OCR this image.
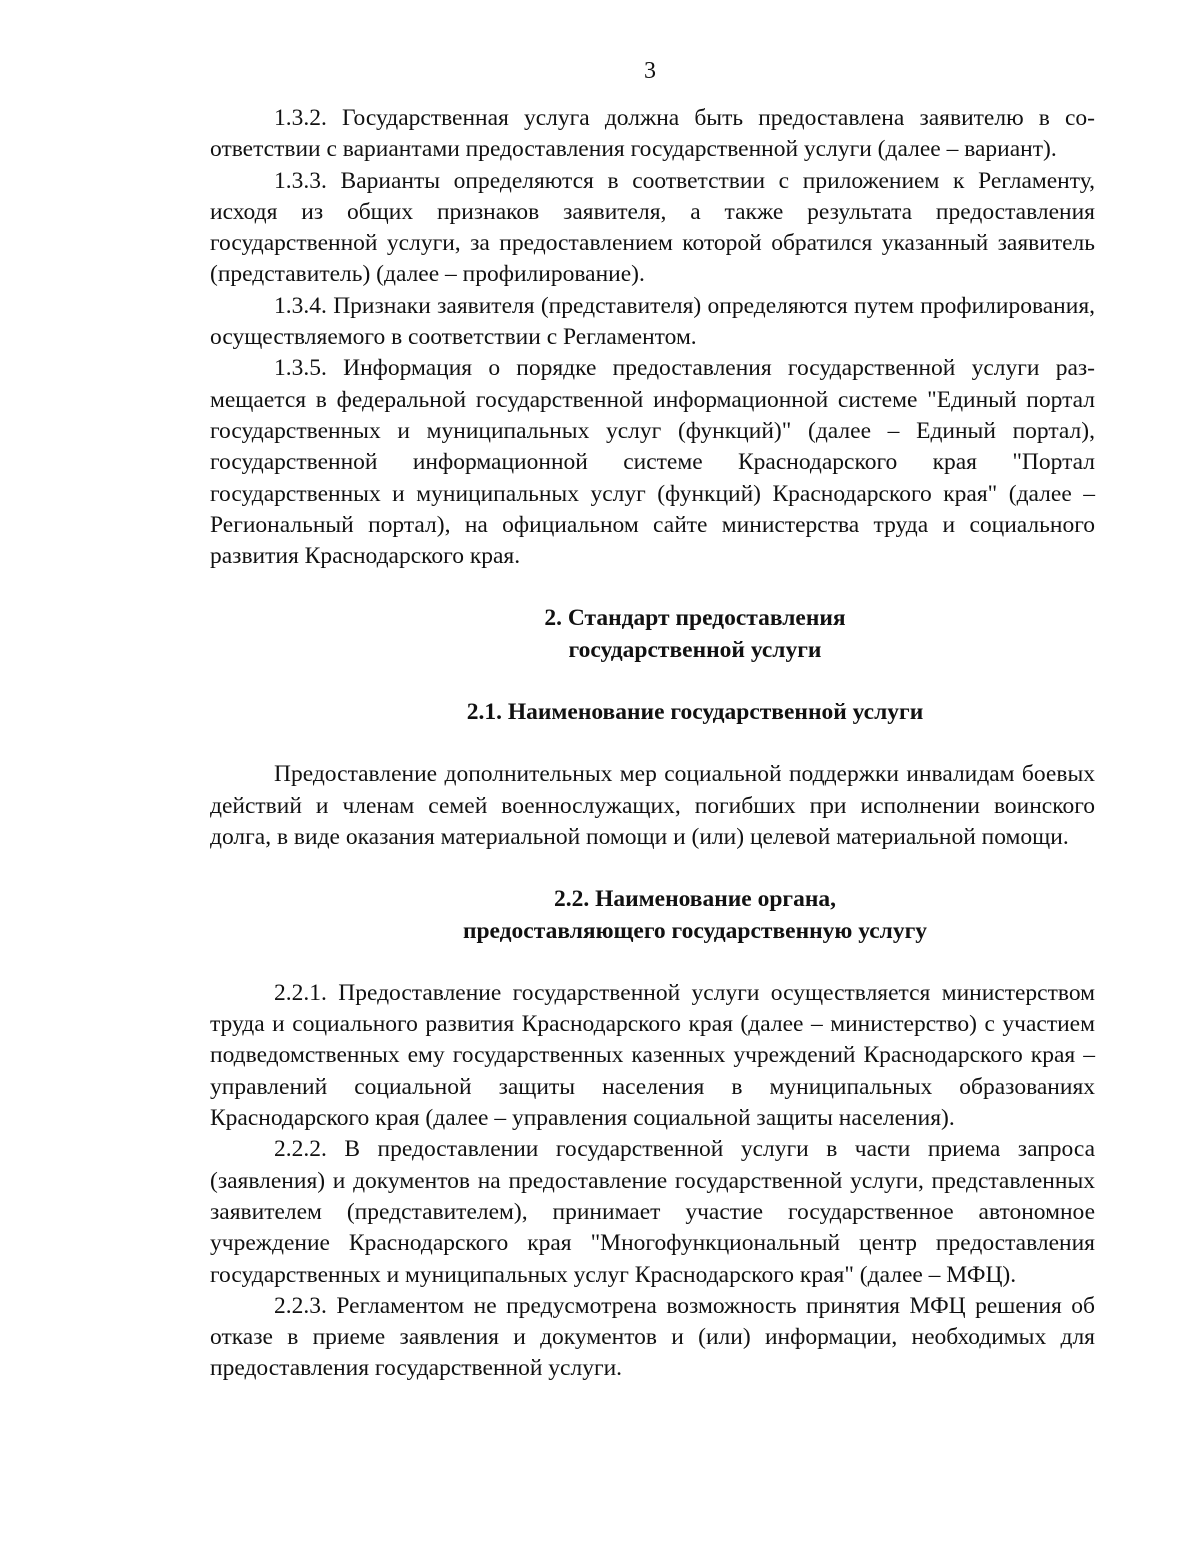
3

1.3.2. Государственная услуга должна быть предоставлена заявителю в соответствии с вариантами предоставления государственной услуги (далее – вариант).

1.3.3. Варианты определяются в соответствии с приложением к Регламенту, исходя из общих признаков заявителя, а также результата предоставления государственной услуги, за предоставлением которой обратился указанный заявитель (представитель) (далее – профилирование).

1.3.4. Признаки заявителя (представителя) определяются путем профилирования, осуществляемого в соответствии с Регламентом.

1.3.5. Информация о порядке предоставления государственной услуги размещается в федеральной государственной информационной системе "Единый портал государственных и муниципальных услуг (функций)" (далее – Единый портал), государственной информационной системе Краснодарского края "Портал государственных и муниципальных услуг (функций) Краснодарского края" (далее – Региональный портал), на официальном сайте министерства труда и социального развития Краснодарского края.

2. Стандарт предоставления
государственной услуги
2.1. Наименование государственной услуги

Предоставление дополнительных мер социальной поддержки инвалидам боевых действий и членам семей военнослужащих, погибших при исполнении воинского долга, в виде оказания материальной помощи и (или) целевой материальной помощи.

2.2. Наименование органа,
предоставляющего государственную услугу

2.2.1. Предоставление государственной услуги осуществляется министерством труда и социального развития Краснодарского края (далее – министерство) с участием подведомственных ему государственных казенных учреждений Краснодарского края – управлений социальной защиты населения в муниципальных образованиях Краснодарского края (далее – управления социальной защиты населения).

2.2.2. В предоставлении государственной услуги в части приема запроса (заявления) и документов на предоставление государственной услуги, представленных заявителем (представителем), принимает участие государственное автономное учреждение Краснодарского края "Многофункциональный центр предоставления государственных и муниципальных услуг Краснодарского края" (далее – МФЦ).

2.2.3. Регламентом не предусмотрена возможность принятия МФЦ решения об отказе в приеме заявления и документов и (или) информации, необходимых для предоставления государственной услуги.
